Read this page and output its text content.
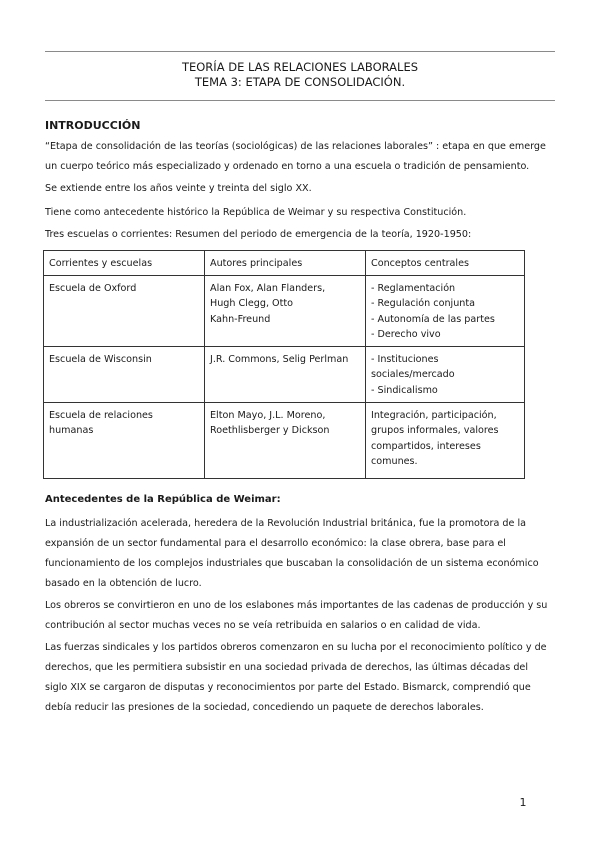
TEORÍA DE LAS RELACIONES LABORALES
TEMA 3: ETAPA DE CONSOLIDACIÓN.
INTRODUCCIÓN

“Etapa de consolidación de las teorías (sociológicas) de las relaciones laborales” : etapa en que emerge

un cuerpo teórico más especializado y ordenado en torno a una escuela o tradición de pensamiento.

Se extiende entre los años veinte y treinta del siglo XX.

Tiene como antecedente histórico la República de Weimar y su respectiva Constitución.

Tres escuelas o corrientes: Resumen del periodo de emergencia de la teoría, 1920-1950:

Corrientes y escuelas	Autores principales	Conceptos centrales

Escuela de Oxford	Alan Fox, Alan Flanders,
Hugh Clegg, Otto
Kahn-Freund	- Reglamentación
- Regulación conjunta
- Autonomía de las partes
- Derecho vivo

Escuela de Wisconsin	J.R. Commons, Selig Perlman	- Instituciones
sociales/mercado
- Sindicalismo

Escuela de relaciones
humanas	Elton Mayo, J.L. Moreno,
Roethlisberger y Dickson	Integración, participación,
grupos informales, valores
compartidos, intereses
comunes.
Antecedentes de la República de Weimar:

La industrialización acelerada, heredera de la Revolución Industrial británica, fue la promotora de la

expansión de un sector fundamental para el desarrollo económico: la clase obrera, base para el

funcionamiento de los complejos industriales que buscaban la consolidación de un sistema económico

basado en la obtención de lucro.

Los obreros se convirtieron en uno de los eslabones más importantes de las cadenas de producción y su

contribución al sector muchas veces no se veía retribuida en salarios o en calidad de vida.

Las fuerzas sindicales y los partidos obreros comenzaron en su lucha por el reconocimiento político y de

derechos, que les permitiera subsistir en una sociedad privada de derechos, las últimas décadas del

siglo XIX se cargaron de disputas y reconocimientos por parte del Estado. Bismarck, comprendió que

debía reducir las presiones de la sociedad, concediendo un paquete de derechos laborales.

1
